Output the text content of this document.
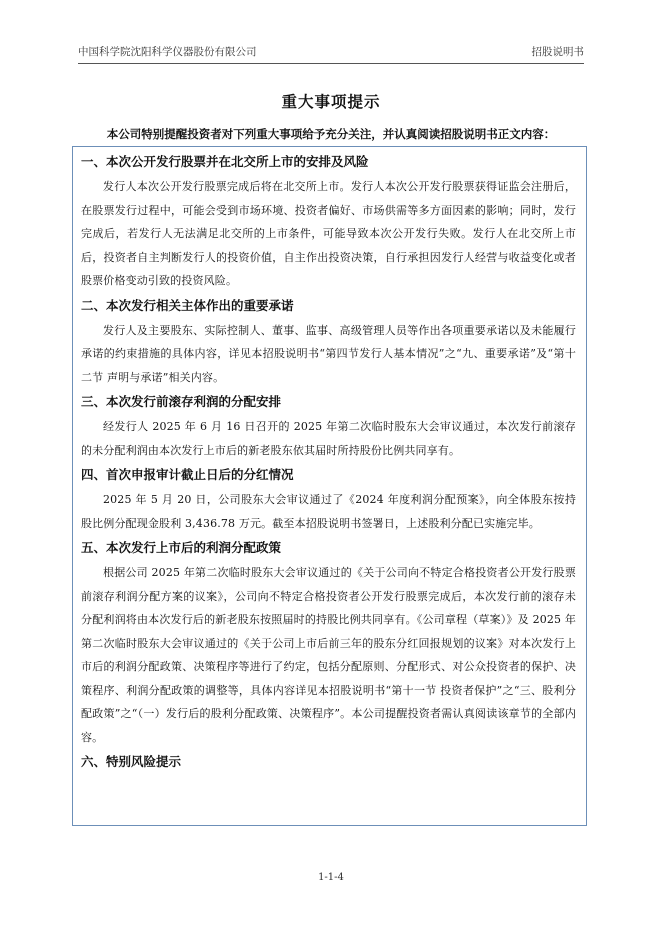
中国科学院沈阳科学仪器股份有限公司	招股说明书
重大事项提示
本公司特别提醒投资者对下列重大事项给予充分关注，并认真阅读招股说明书正文内容：
一、本次公开发行股票并在北交所上市的安排及风险

发行人本次公开发行股票完成后将在北交所上市。发行人本次公开发行股票获得证监会注册后，在股票发行过程中，可能会受到市场环境、投资者偏好、市场供需等多方面因素的影响；同时，发行完成后，若发行人无法满足北交所的上市条件，可能导致本次公开发行失败。发行人在北交所上市后，投资者自主判断发行人的投资价值，自主作出投资决策，自行承担因发行人经营与收益变化或者股票价格变动引致的投资风险。

二、本次发行相关主体作出的重要承诺

发行人及主要股东、实际控制人、董事、监事、高级管理人员等作出各项重要承诺以及未能履行承诺的约束措施的具体内容，详见本招股说明书“第四节发行人基本情况”之“九、重要承诺”及“第十二节 声明与承诺”相关内容。

三、本次发行前滚存利润的分配安排

经发行人 2025 年 6 月 16 日召开的 2025 年第二次临时股东大会审议通过，本次发行前滚存的未分配利润由本次发行上市后的新老股东依其届时所持股份比例共同享有。

四、首次申报审计截止日后的分红情况

2025 年 5 月 20 日，公司股东大会审议通过了《2024 年度利润分配预案》，向全体股东按持股比例分配现金股利 3,436.78 万元。截至本招股说明书签署日，上述股利分配已实施完毕。

五、本次发行上市后的利润分配政策

根据公司 2025 年第二次临时股东大会审议通过的《关于公司向不特定合格投资者公开发行股票前滚存利润分配方案的议案》，公司向不特定合格投资者公开发行股票完成后，本次发行前的滚存未分配利润将由本次发行后的新老股东按照届时的持股比例共同享有。《公司章程（草案）》及 2025 年第二次临时股东大会审议通过的《关于公司上市后前三年的股东分红回报规划的议案》对本次发行上市后的利润分配政策、决策程序等进行了约定，包括分配原则、分配形式、对公众投资者的保护、决策程序、利润分配政策的调整等，具体内容详见本招股说明书“第十一节 投资者保护”之“三、股利分配政策”之“（一）发行后的股利分配政策、决策程序”。本公司提醒投资者需认真阅读该章节的全部内容。

六、特别风险提示
1-1-4
